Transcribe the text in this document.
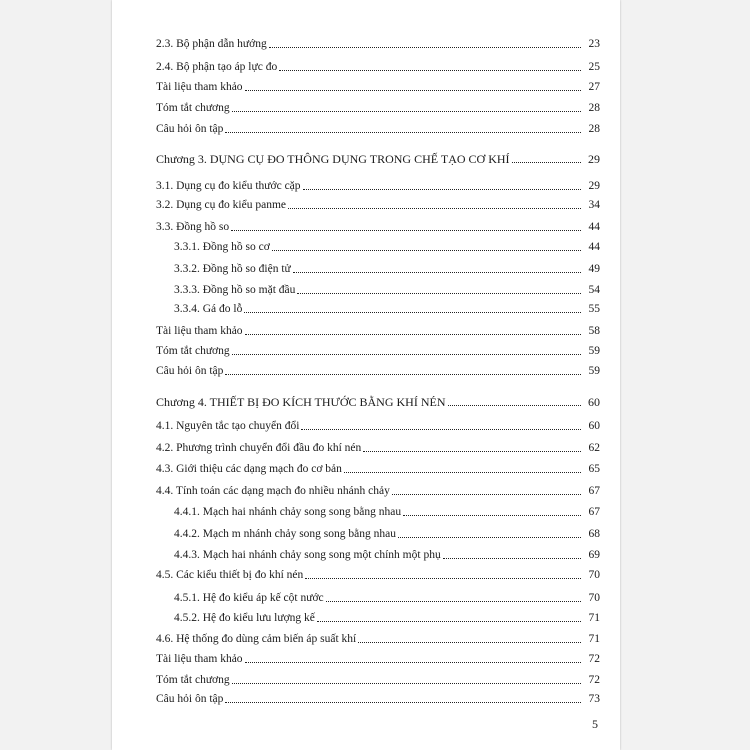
2.3. Bộ phận dẫn hướng	23
2.4. Bộ phận tạo áp lực đo	25
Tài liệu tham khảo	27
Tóm tắt chương	28
Câu hỏi ôn tập	28
Chương 3. DỤNG CỤ ĐO THÔNG DỤNG TRONG CHẾ TẠO CƠ KHÍ	29
3.1. Dụng cụ đo kiểu thước cặp	29
3.2. Dụng cụ đo kiểu panme	34
3.3. Đồng hồ so	44
3.3.1. Đồng hồ so cơ	44
3.3.2. Đồng hồ so điện tử	49
3.3.3. Đồng hồ so mặt đầu	54
3.3.4. Gá đo lỗ	55
Tài liệu tham khảo	58
Tóm tắt chương	59
Câu hỏi ôn tập	59
Chương 4. THIẾT BỊ ĐO KÍCH THƯỚC BẰNG KHÍ NÉN	60
4.1. Nguyên tắc tạo chuyển đổi	60
4.2. Phương trình chuyển đổi đầu đo khí nén	62
4.3. Giới thiệu các dạng mạch đo cơ bản	65
4.4. Tính toán các dạng mạch đo nhiều nhánh chảy	67
4.4.1. Mạch hai nhánh chảy song song bằng nhau	67
4.4.2. Mạch m nhánh chảy song song bằng nhau	68
4.4.3. Mạch hai nhánh chảy song song một chính một phụ	69
4.5. Các kiểu thiết bị đo khí nén	70
4.5.1. Hệ đo kiểu áp kế cột nước	70
4.5.2. Hệ đo kiểu lưu lượng kế	71
4.6. Hệ thống đo dùng cảm biến áp suất khí	71
Tài liệu tham khảo	72
Tóm tắt chương	72
Câu hỏi ôn tập	73
5
